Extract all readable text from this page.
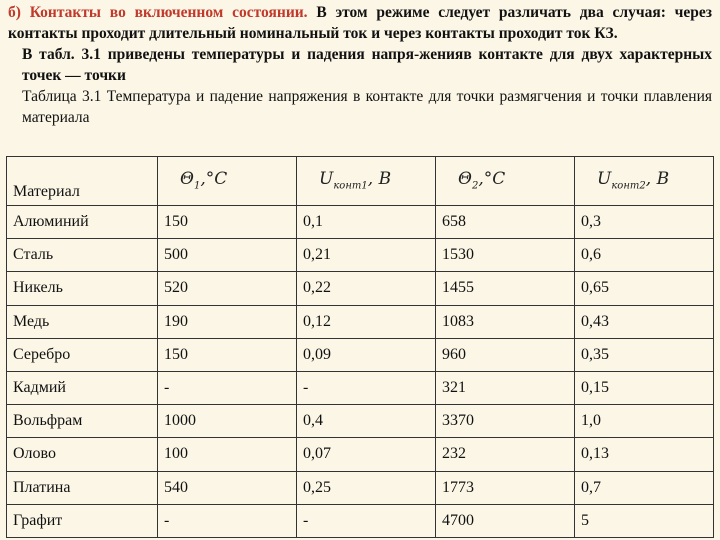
б) Контакты во включенном состоянии. В этом режиме следует различать два случая: через контакты проходит длительный номинальный ток и через контакты проходит ток КЗ.

В табл. 3.1 приведены температуры и падения напря-женияв контакте для двух характерных точек — точки

Таблица 3.1 Температура и падение напряжения в контакте для точки размягчения и точки плавления материала

Материал	$\Theta_1,^\circ C$	$U_{конт1}$, В	$\Theta_2,^\circ C$	$U_{конт2}$, В
Алюминий	150	0,1	658	0,3
Сталь	500	0,21	1530	0,6
Никель	520	0,22	1455	0,65
Медь	190	0,12	1083	0,43
Серебро	150	0,09	960	0,35
Кадмий	-	-	321	0,15
Вольфрам	1000	0,4	3370	1,0
Олово	100	0,07	232	0,13
Платина	540	0,25	1773	0,7
Графит	-	-	4700	5
